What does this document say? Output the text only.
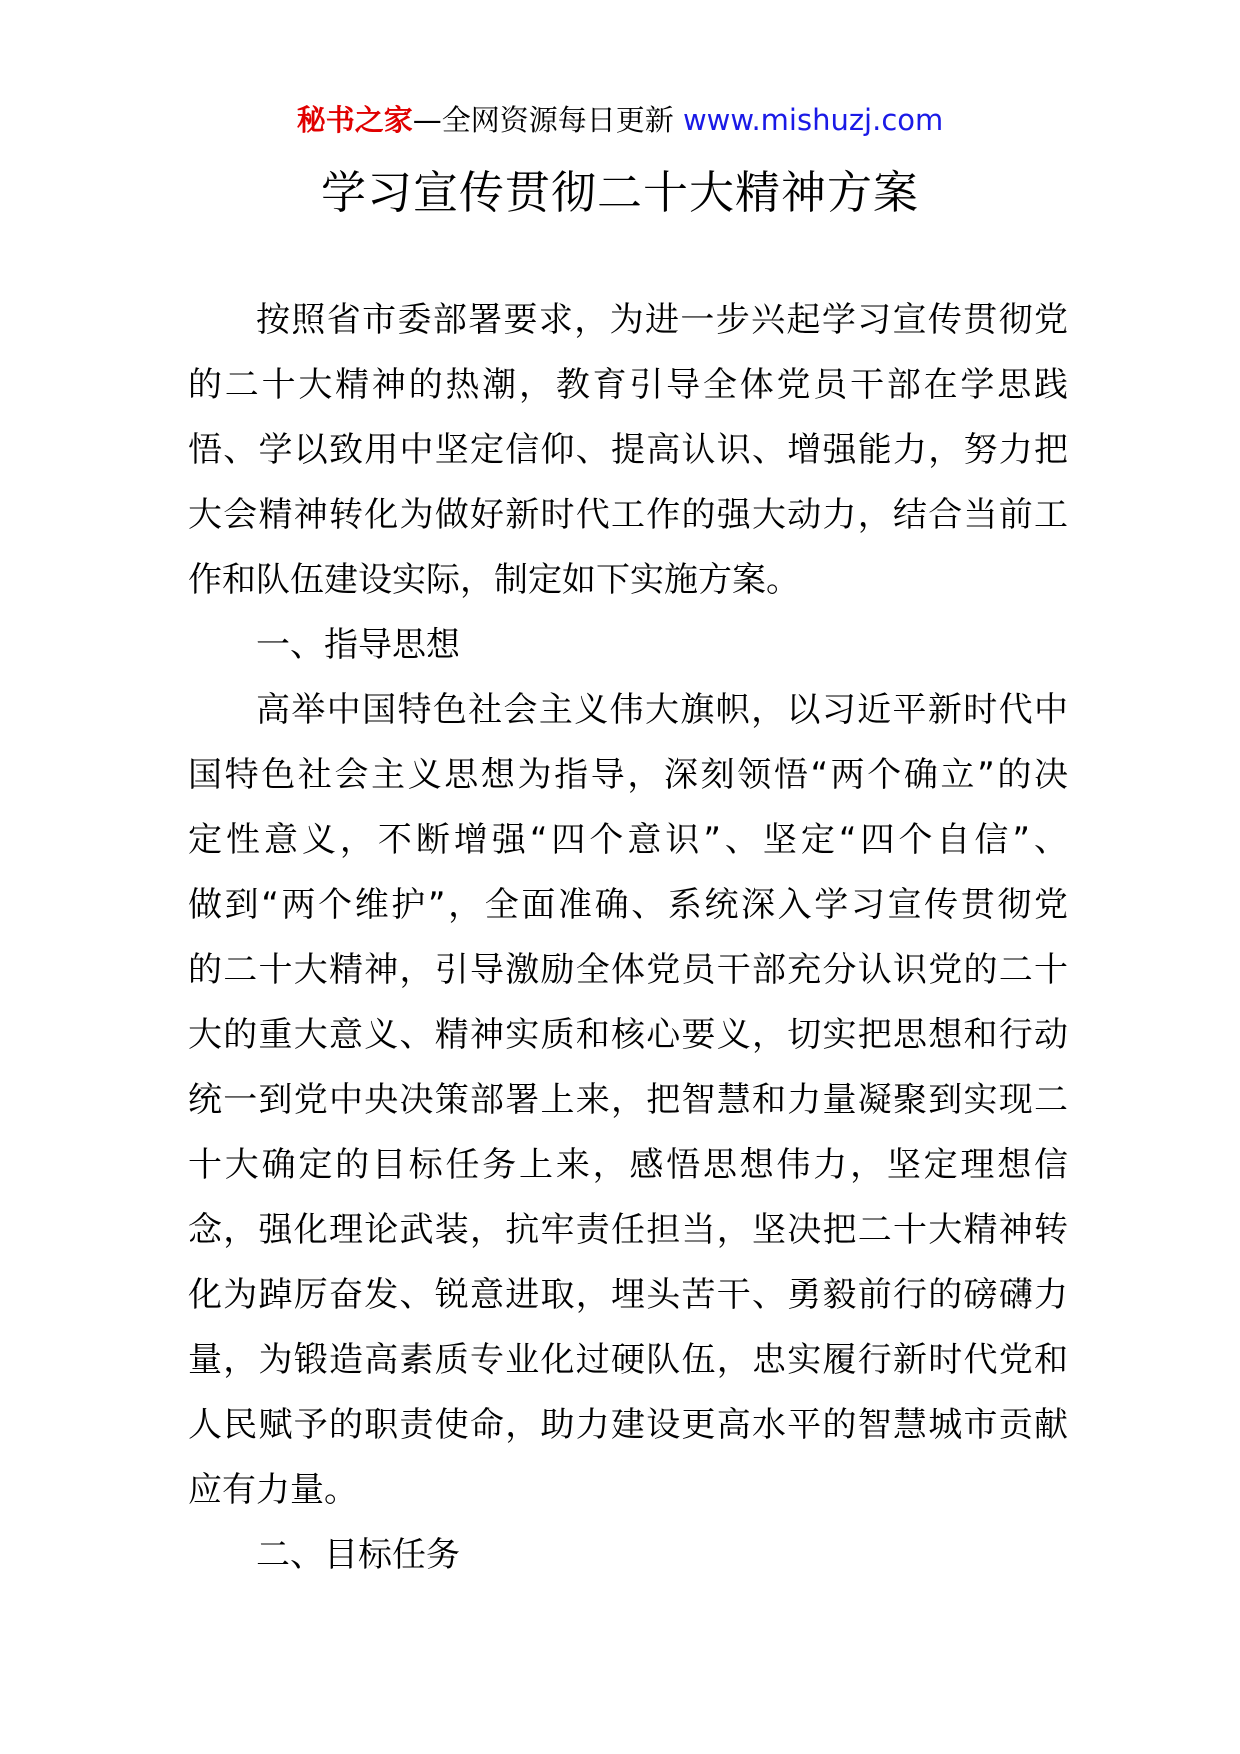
秘书之家—全网资源每日更新 www.mishuzj.com
学习宣传贯彻二十大精神方案
按照省市委部署要求，为进一步兴起学习宣传贯彻党
的二十大精神的热潮，教育引导全体党员干部在学思践
悟、学以致用中坚定信仰、提高认识、增强能力，努力把
大会精神转化为做好新时代工作的强大动力，结合当前工
作和队伍建设实际，制定如下实施方案。
一、指导思想
高举中国特色社会主义伟大旗帜，以习近平新时代中
国特色社会主义思想为指导，深刻领悟“两个确立”的决
定性意义，不断增强“四个意识”、坚定“四个自信”、
做到“两个维护”，全面准确、系统深入学习宣传贯彻党
的二十大精神，引导激励全体党员干部充分认识党的二十
大的重大意义、精神实质和核心要义，切实把思想和行动
统一到党中央决策部署上来，把智慧和力量凝聚到实现二
十大确定的目标任务上来，感悟思想伟力，坚定理想信
念，强化理论武装，抗牢责任担当，坚决把二十大精神转
化为踔厉奋发、锐意进取，埋头苦干、勇毅前行的磅礴力
量，为锻造高素质专业化过硬队伍，忠实履行新时代党和
人民赋予的职责使命，助力建设更高水平的智慧城市贡献
应有力量。
二、目标任务
